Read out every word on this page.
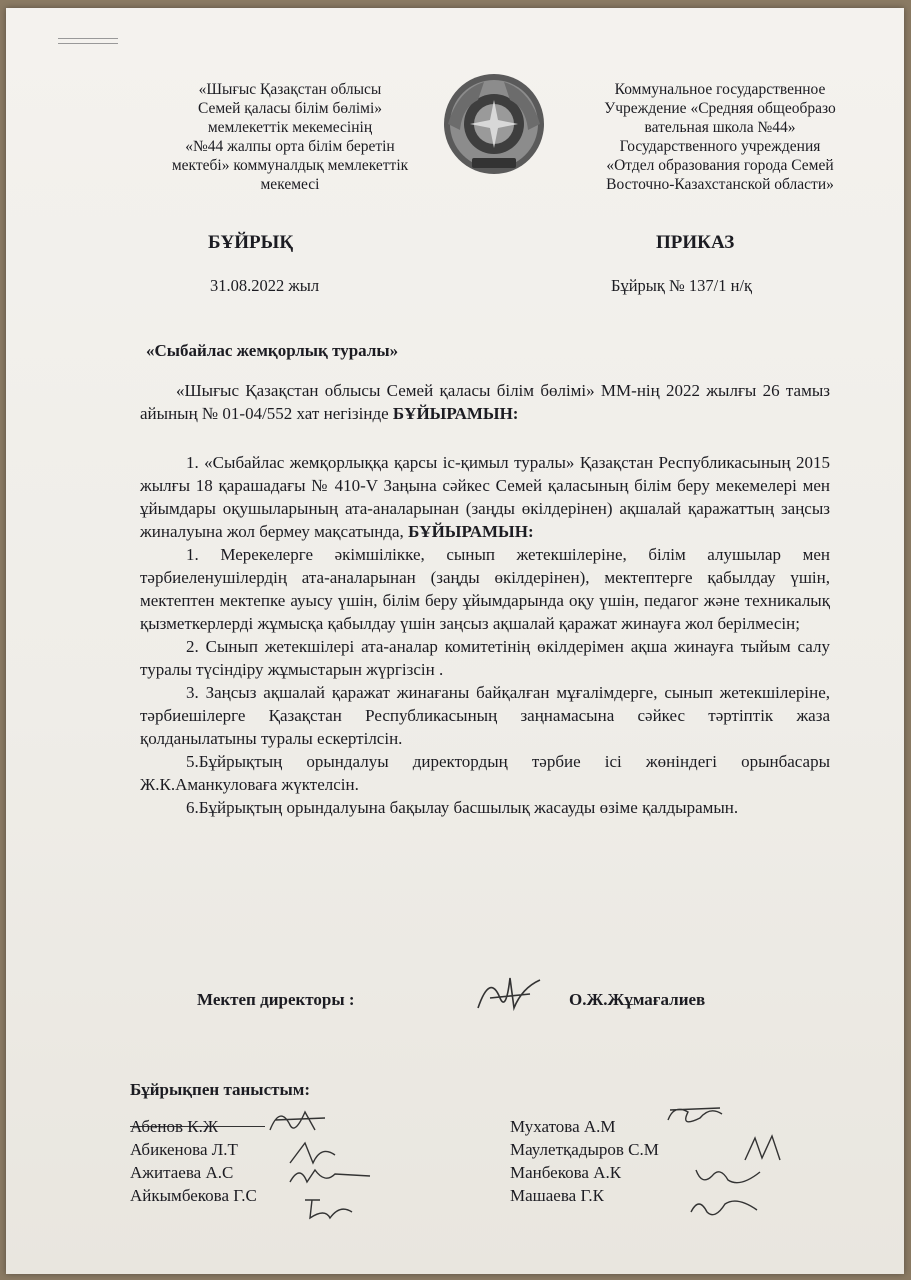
«Шығыс Қазақстан облысы
Семей қаласы білім бөлімі»
мемлекеттік мекемесінің
«№44 жалпы орта білім беретін
мектебі» коммуналдық мемлекеттік
мекемесі
Коммунальное государственное
Учреждение «Средняя общеобразо
вательная школа №44»
Государственного учреждения
«Отдел образования города Семей
Восточно-Казахстанской области»
БҰЙРЫҚ	ПРИКАЗ
31.08.2022 жыл	Бұйрық № 137/1 н/қ
«Сыбайлас жемқорлық туралы»

«Шығыс Қазақстан облысы Семей қаласы білім бөлімі» ММ-нің 2022 жылғы 26 тамыз айының № 01-04/552 хат негізінде БҰЙЫРАМЫН:

1. «Сыбайлас жемқорлыққа қарсы іс-қимыл туралы» Қазақстан Республикасының 2015 жылғы 18 қарашадағы № 410-V Заңына сәйкес Семей қаласының білім беру мекемелері мен ұйымдары оқушыларының ата-аналарынан (заңды өкілдерінен) ақшалай қаражаттың заңсыз жиналуына жол бермеу мақсатында, БҰЙЫРАМЫН:

1. Мерекелерге әкімшілікке, сынып жетекшілеріне, білім алушылар мен тәрбиеленушілердің ата-аналарынан (заңды өкілдерінен), мектептерге қабылдау үшін, мектептен мектепке ауысу үшін, білім беру ұйымдарында оқу үшін, педагог және техникалық қызметкерлерді жұмысқа қабылдау үшін заңсыз ақшалай қаражат жинауға жол берілмесін;

2. Сынып жетекшілері ата-аналар комитетінің өкілдерімен ақша жинауға тыйым салу туралы түсіндіру жұмыстарын жүргізсін .

3. Заңсыз ақшалай қаражат жинағаны байқалған мұғалімдерге, сынып жетекшілеріне, тәрбиешілерге Қазақстан Республикасының заңнамасына сәйкес тәртіптік жаза қолданылатыны туралы ескертілсін.

5.Бұйрықтың орындалуы директордың тәрбие ісі жөніндегі орынбасары Ж.К.Аманкуловаға жүктелсін.

6.Бұйрықтың орындалуына бақылау басшылық жасауды өзіме қалдырамын.

Мектеп директоры :	О.Ж.Жұмағалиев
Бұйрықпен таныстым:
Абенов К.Ж
Абикенова Л.Т
Ажитаева А.С
Айкымбекова Г.С
Мухатова А.М
Маулетқадыров С.М
Манбекова А.К
Машаева Г.К
